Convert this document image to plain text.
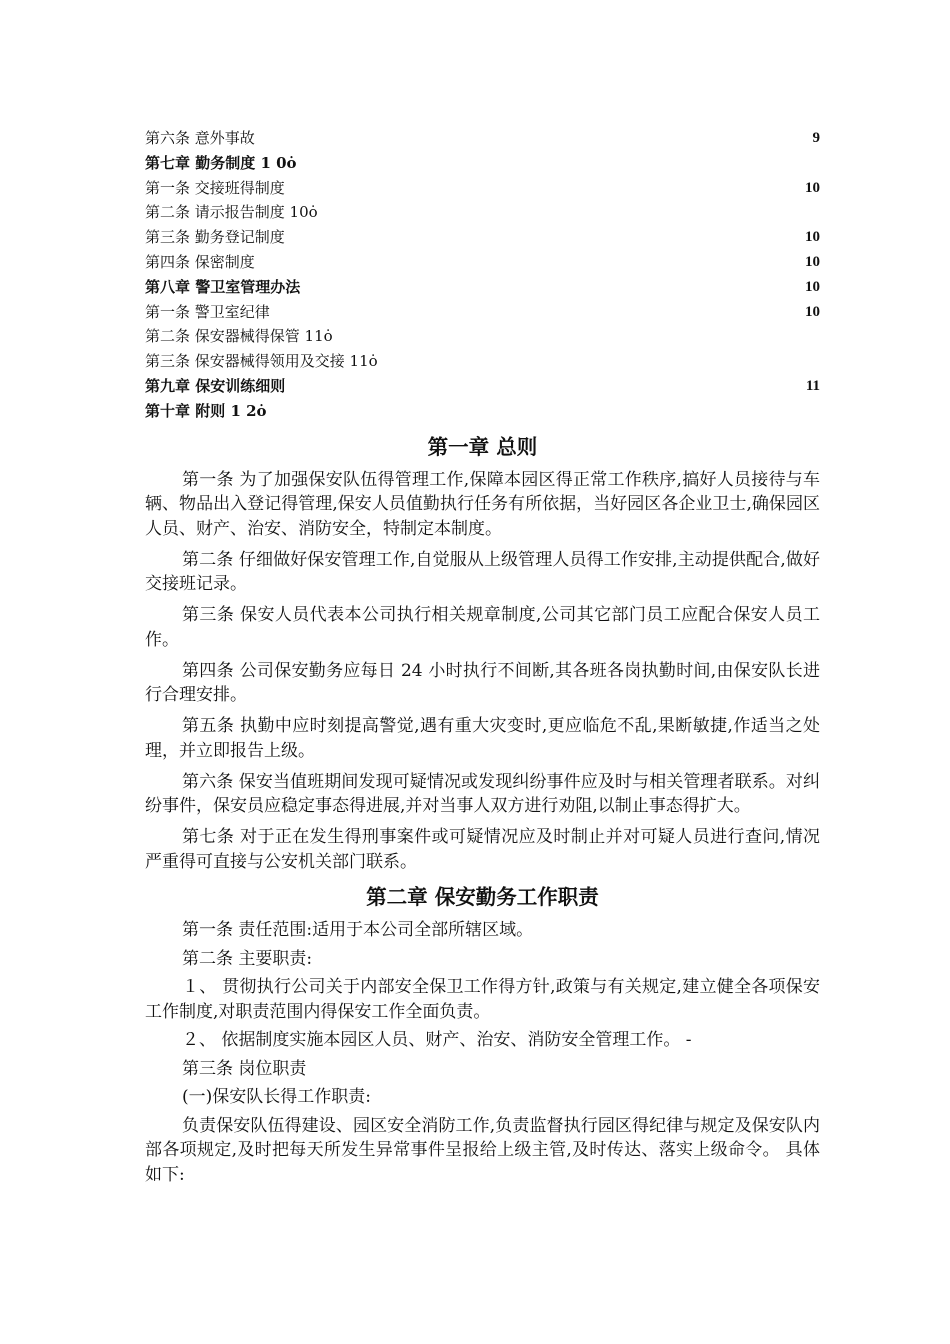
第六条 意外事故	9
第七章 勤务制度 1 0ȯ
第一条 交接班得制度	10
第二条 请示报告制度 10ȯ
第三条 勤务登记制度	10
第四条 保密制度	10
第八章 警卫室管理办法	10
第一条 警卫室纪律	10
第二条 保安器械得保管 11ȯ
第三条 保安器械得领用及交接 11ȯ
第九章 保安训练细则	11
第十章 附则 1 2ȯ
第一章 总则

第一条 为了加强保安队伍得管理工作,保障本园区得正常工作秩序,搞好人员接待与车辆、物品出入登记得管理,保安人员值勤执行任务有所依据，当好园区各企业卫士,确保园区人员、财产、治安、消防安全，特制定本制度。

第二条 仔细做好保安管理工作,自觉服从上级管理人员得工作安排,主动提供配合,做好交接班记录。

第三条 保安人员代表本公司执行相关规章制度,公司其它部门员工应配合保安人员工作。

第四条 公司保安勤务应每日 24 小时执行不间断,其各班各岗执勤时间,由保安队长进行合理安排。

第五条 执勤中应时刻提高警觉,遇有重大灾变时,更应临危不乱,果断敏捷,作适当之处理，并立即报告上级。

第六条 保安当值班期间发现可疑情况或发现纠纷事件应及时与相关管理者联系。对纠纷事件，保安员应稳定事态得进展,并对当事人双方进行劝阻,以制止事态得扩大。

第七条 对于正在发生得刑事案件或可疑情况应及时制止并对可疑人员进行查问,情况严重得可直接与公安机关部门联系。

第二章 保安勤务工作职责

第一条 责任范围:适用于本公司全部所辖区域。

第二条 主要职责:

１、 贯彻执行公司关于内部安全保卫工作得方针,政策与有关规定,建立健全各项保安工作制度,对职责范围内得保安工作全面负责。

２、 依据制度实施本园区人员、财产、治安、消防安全管理工作。 -

第三条 岗位职责

(一)保安队长得工作职责:

负责保安队伍得建设、园区安全消防工作,负责监督执行园区得纪律与规定及保安队内部各项规定,及时把每天所发生异常事件呈报给上级主管,及时传达、落实上级命令。 具体如下:
